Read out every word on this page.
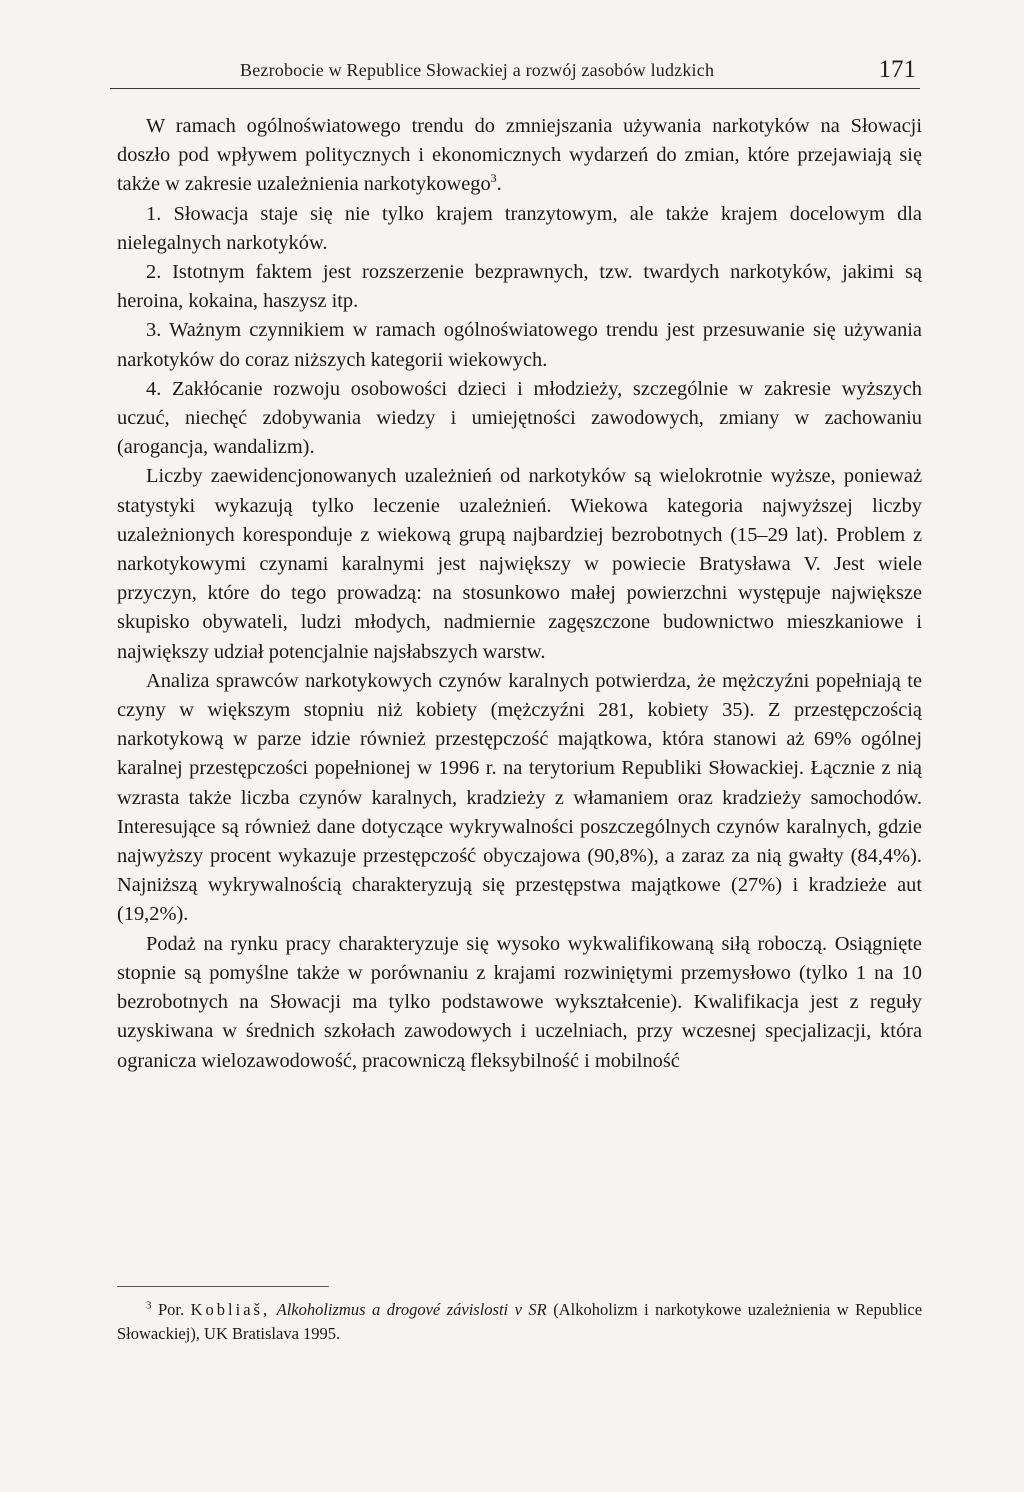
Bezrobocie w Republice Słowackiej a rozwój zasobów ludzkich	171

W ramach ogólnoświatowego trendu do zmniejszania używania narkotyków na Słowacji doszło pod wpływem politycznych i ekonomicznych wydarzeń do zmian, które przejawiają się także w zakresie uzależnienia narkotykowego$^3$.

1. Słowacja staje się nie tylko krajem tranzytowym, ale także krajem docelowym dla nielegalnych narkotyków.

2. Istotnym faktem jest rozszerzenie bezprawnych, tzw. twardych narkotyków, jakimi są heroina, kokaina, haszysz itp.

3. Ważnym czynnikiem w ramach ogólnoświatowego trendu jest przesuwanie się używania narkotyków do coraz niższych kategorii wiekowych.

4. Zakłócanie rozwoju osobowości dzieci i młodzieży, szczególnie w zakresie wyższych uczuć, niechęć zdobywania wiedzy i umiejętności zawodowych, zmiany w zachowaniu (arogancja, wandalizm).

Liczby zaewidencjonowanych uzależnień od narkotyków są wielokrotnie wyższe, ponieważ statystyki wykazują tylko leczenie uzależnień. Wiekowa kategoria najwyższej liczby uzależnionych koresponduje z wiekową grupą najbardziej bezrobotnych (15–29 lat). Problem z narkotykowymi czynami karalnymi jest największy w powiecie Bratysława V. Jest wiele przyczyn, które do tego prowadzą: na stosunkowo małej powierzchni występuje największe skupisko obywateli, ludzi młodych, nadmiernie zagęszczone budownictwo mieszkaniowe i największy udział potencjalnie najsłabszych warstw.

Analiza sprawców narkotykowych czynów karalnych potwierdza, że mężczyźni popełniają te czyny w większym stopniu niż kobiety (mężczyźni 281, kobiety 35). Z przestępczością narkotykową w parze idzie również przestępczość majątkowa, która stanowi aż 69% ogólnej karalnej przestępczości popełnionej w 1996 r. na terytorium Republiki Słowackiej. Łącznie z nią wzrasta także liczba czynów karalnych, kradzieży z włamaniem oraz kradzieży samochodów. Interesujące są również dane dotyczące wykrywalności poszczególnych czynów karalnych, gdzie najwyższy procent wykazuje przestępczość obyczajowa (90,8%), a zaraz za nią gwałty (84,4%). Najniższą wykrywalnością charakteryzują się przestępstwa majątkowe (27%) i kradzieże aut (19,2%).

Podaż na rynku pracy charakteryzuje się wysoko wykwalifikowaną siłą roboczą. Osiągnięte stopnie są pomyślne także w porównaniu z krajami rozwiniętymi przemysłowo (tylko 1 na 10 bezrobotnych na Słowacji ma tylko podstawowe wykształcenie). Kwalifikacja jest z reguły uzyskiwana w średnich szkołach zawodowych i uczelniach, przy wczesnej specjalizacji, która ogranicza wielozawodowość, pracowniczą fleksybilność i mobilność

$^3$ Por. Kobliaš, Alkoholizmus a drogové závislosti v SR (Alkoholizm i narkotykowe uzależnienia w Republice Słowackiej), UK Bratislava 1995.
